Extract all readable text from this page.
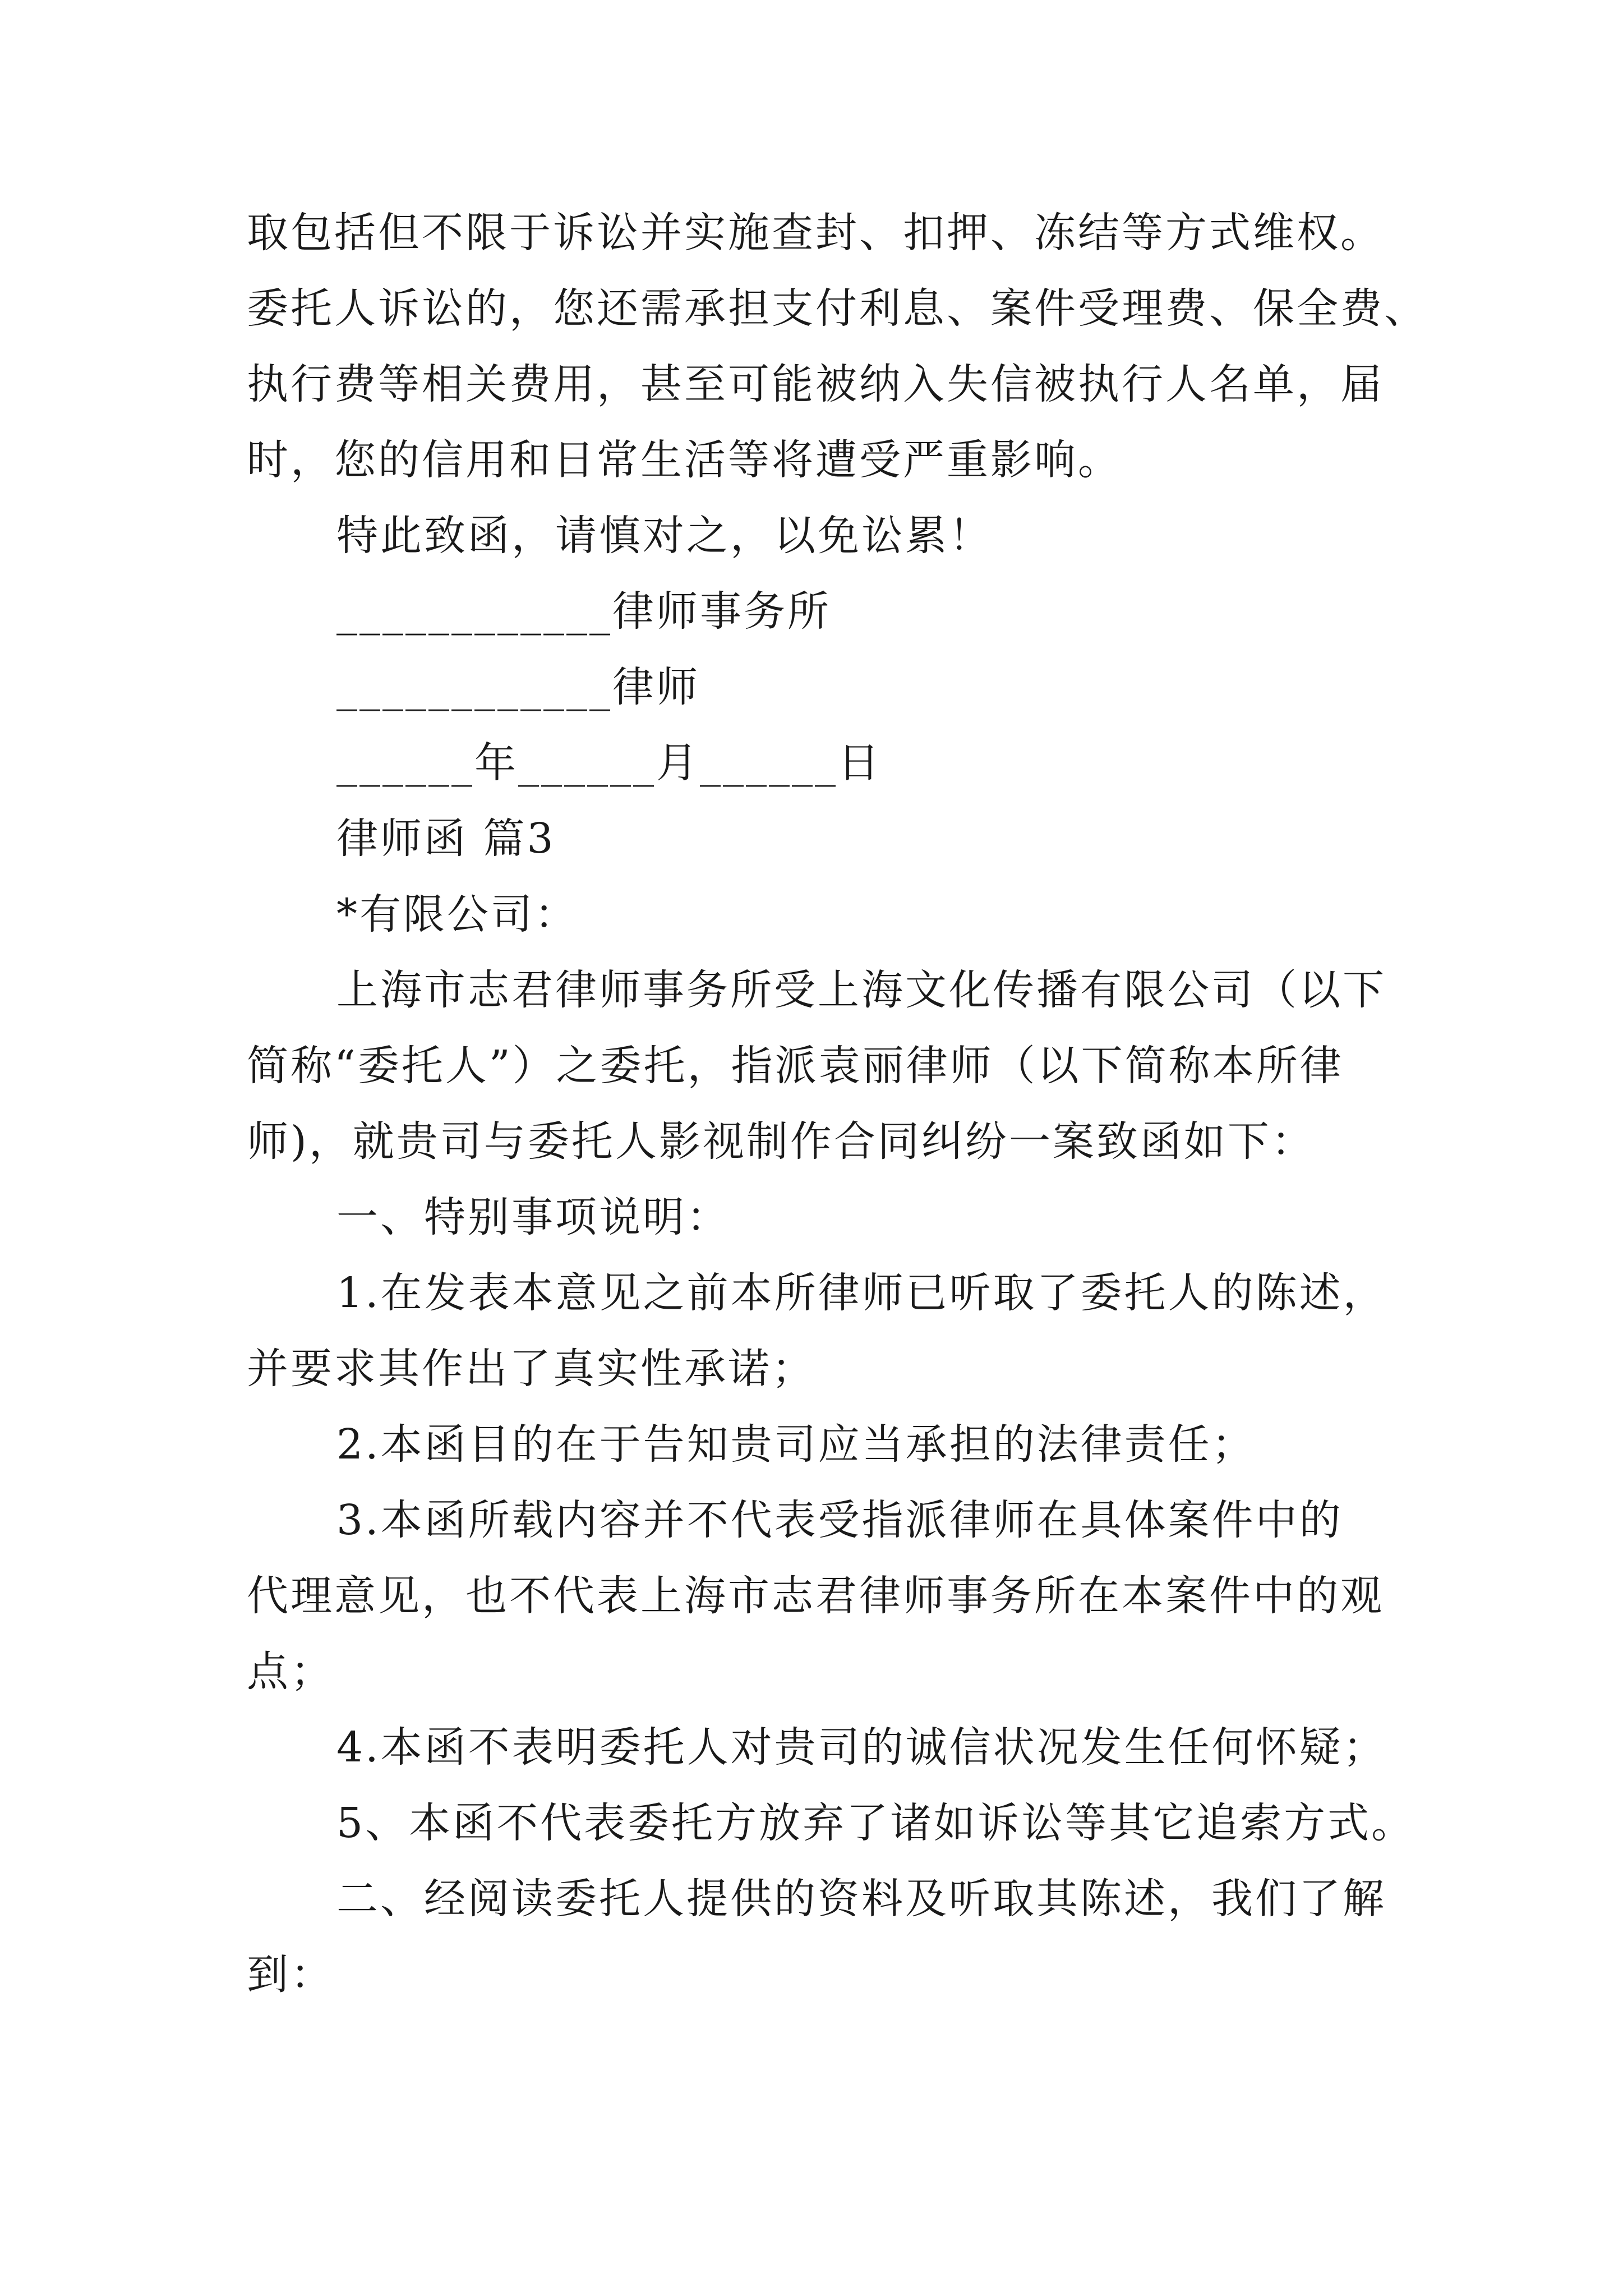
取包括但不限于诉讼并实施查封、扣押、冻结等方式维权。
委托人诉讼的，您还需承担支付利息、案件受理费、保全费、
执行费等相关费用，甚至可能被纳入失信被执行人名单，届
时，您的信用和日常生活等将遭受严重影响。
特此致函，请慎对之，以免讼累！
____________律师事务所
____________律师
______年______月______日
律师函 篇3
*有限公司：
上海市志君律师事务所受上海文化传播有限公司（以下
简称“委托人”）之委托，指派袁丽律师（以下简称本所律
师)，就贵司与委托人影视制作合同纠纷一案致函如下：
一、特别事项说明：
1.在发表本意见之前本所律师已听取了委托人的陈述，
并要求其作出了真实性承诺；
2.本函目的在于告知贵司应当承担的法律责任；
3.本函所载内容并不代表受指派律师在具体案件中的
代理意见，也不代表上海市志君律师事务所在本案件中的观
点；
4.本函不表明委托人对贵司的诚信状况发生任何怀疑；
5、本函不代表委托方放弃了诸如诉讼等其它追索方式。
二、经阅读委托人提供的资料及听取其陈述，我们了解
到：
